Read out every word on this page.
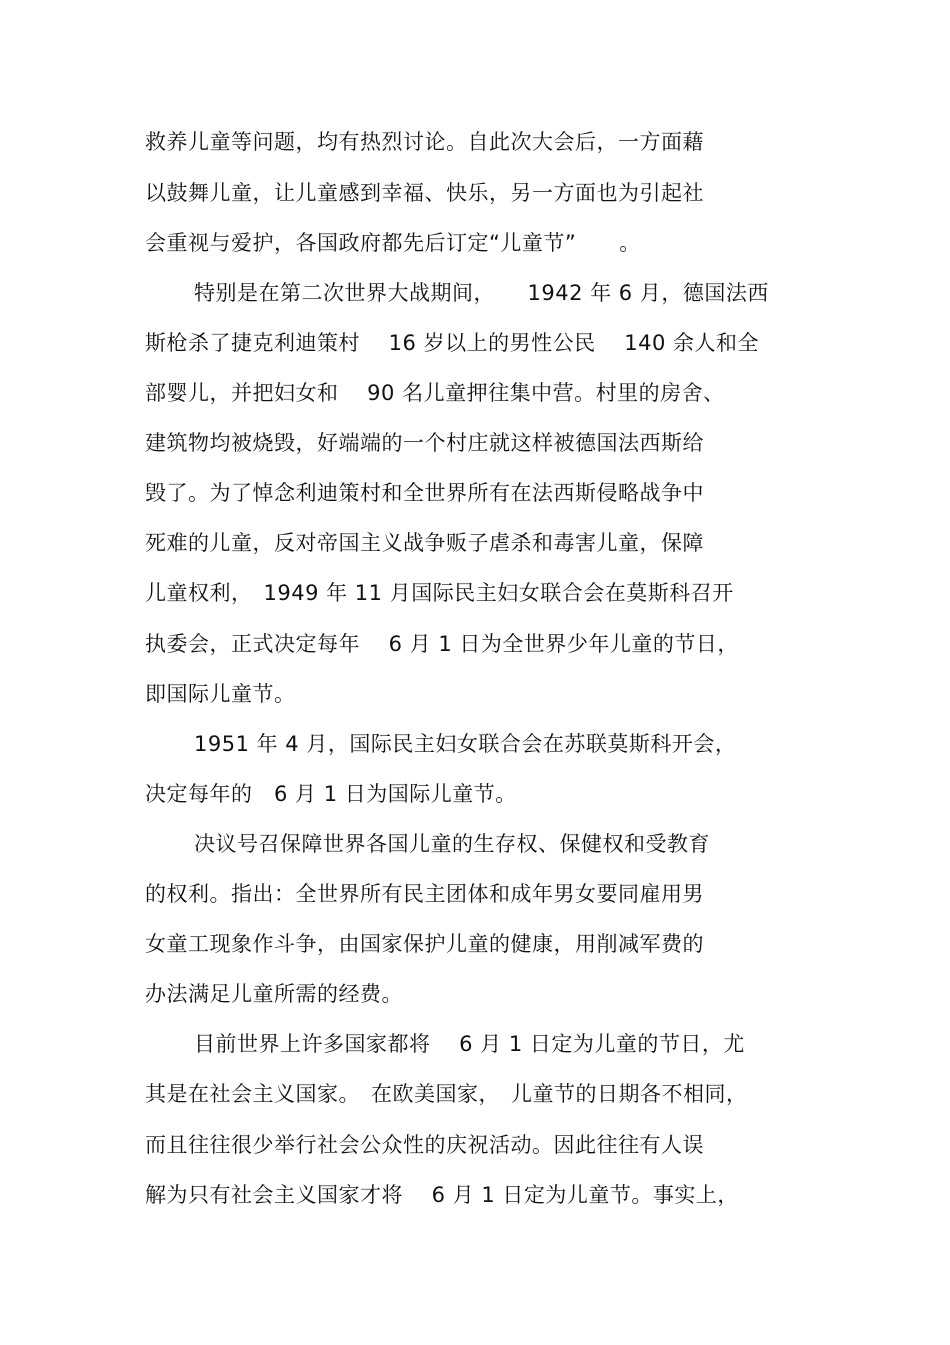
救养儿童等问题，均有热烈讨论。自此次大会后，一方面藉
以鼓舞儿童，让儿童感到幸福、快乐，另一方面也为引起社
会重视与爱护，各国政府都先后订定“儿童节”　　。
特别是在第二次世界大战期间，　　1942 年 6 月，德国法西
斯枪杀了捷克利迪策村　 16 岁以上的男性公民　 140 余人和全
部婴儿，并把妇女和　 90 名儿童押往集中营。村里的房舍、
建筑物均被烧毁，好端端的一个村庄就这样被德国法西斯给
毁了。为了悼念利迪策村和全世界所有在法西斯侵略战争中
死难的儿童，反对帝国主义战争贩子虐杀和毒害儿童，保障
儿童权利，　1949 年 11 月国际民主妇女联合会在莫斯科召开
执委会，正式决定每年　 6 月 1 日为全世界少年儿童的节日，
即国际儿童节。
1951 年 4 月，国际民主妇女联合会在苏联莫斯科开会，
决定每年的　6 月 1 日为国际儿童节。
决议号召保障世界各国儿童的生存权、保健权和受教育
的权利。指出：全世界所有民主团体和成年男女要同雇用男
女童工现象作斗争，由国家保护儿童的健康，用削减军费的
办法满足儿童所需的经费。
目前世界上许多国家都将　 6 月 1 日定为儿童的节日，尤
其是在社会主义国家。　在欧美国家，　儿童节的日期各不相同，
而且往往很少举行社会公众性的庆祝活动。因此往往有人误
解为只有社会主义国家才将　 6 月 1 日定为儿童节。事实上，
